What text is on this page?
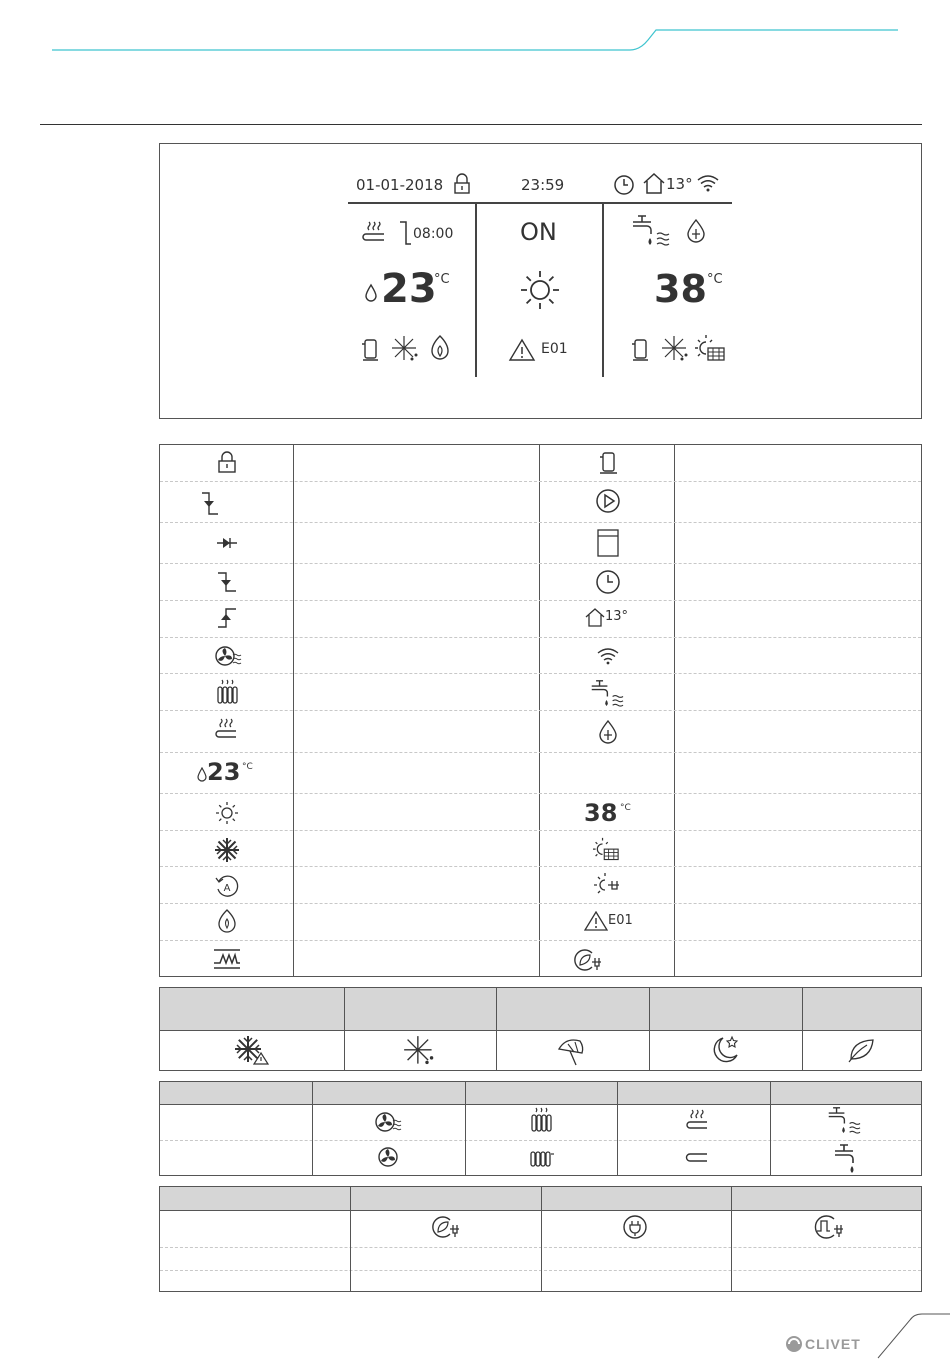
01-01-2018	23:59	13°
08:00
23
°C
ON
E01
38 °C
23 °C
A
13°
38 °C
E01
CLIVET
